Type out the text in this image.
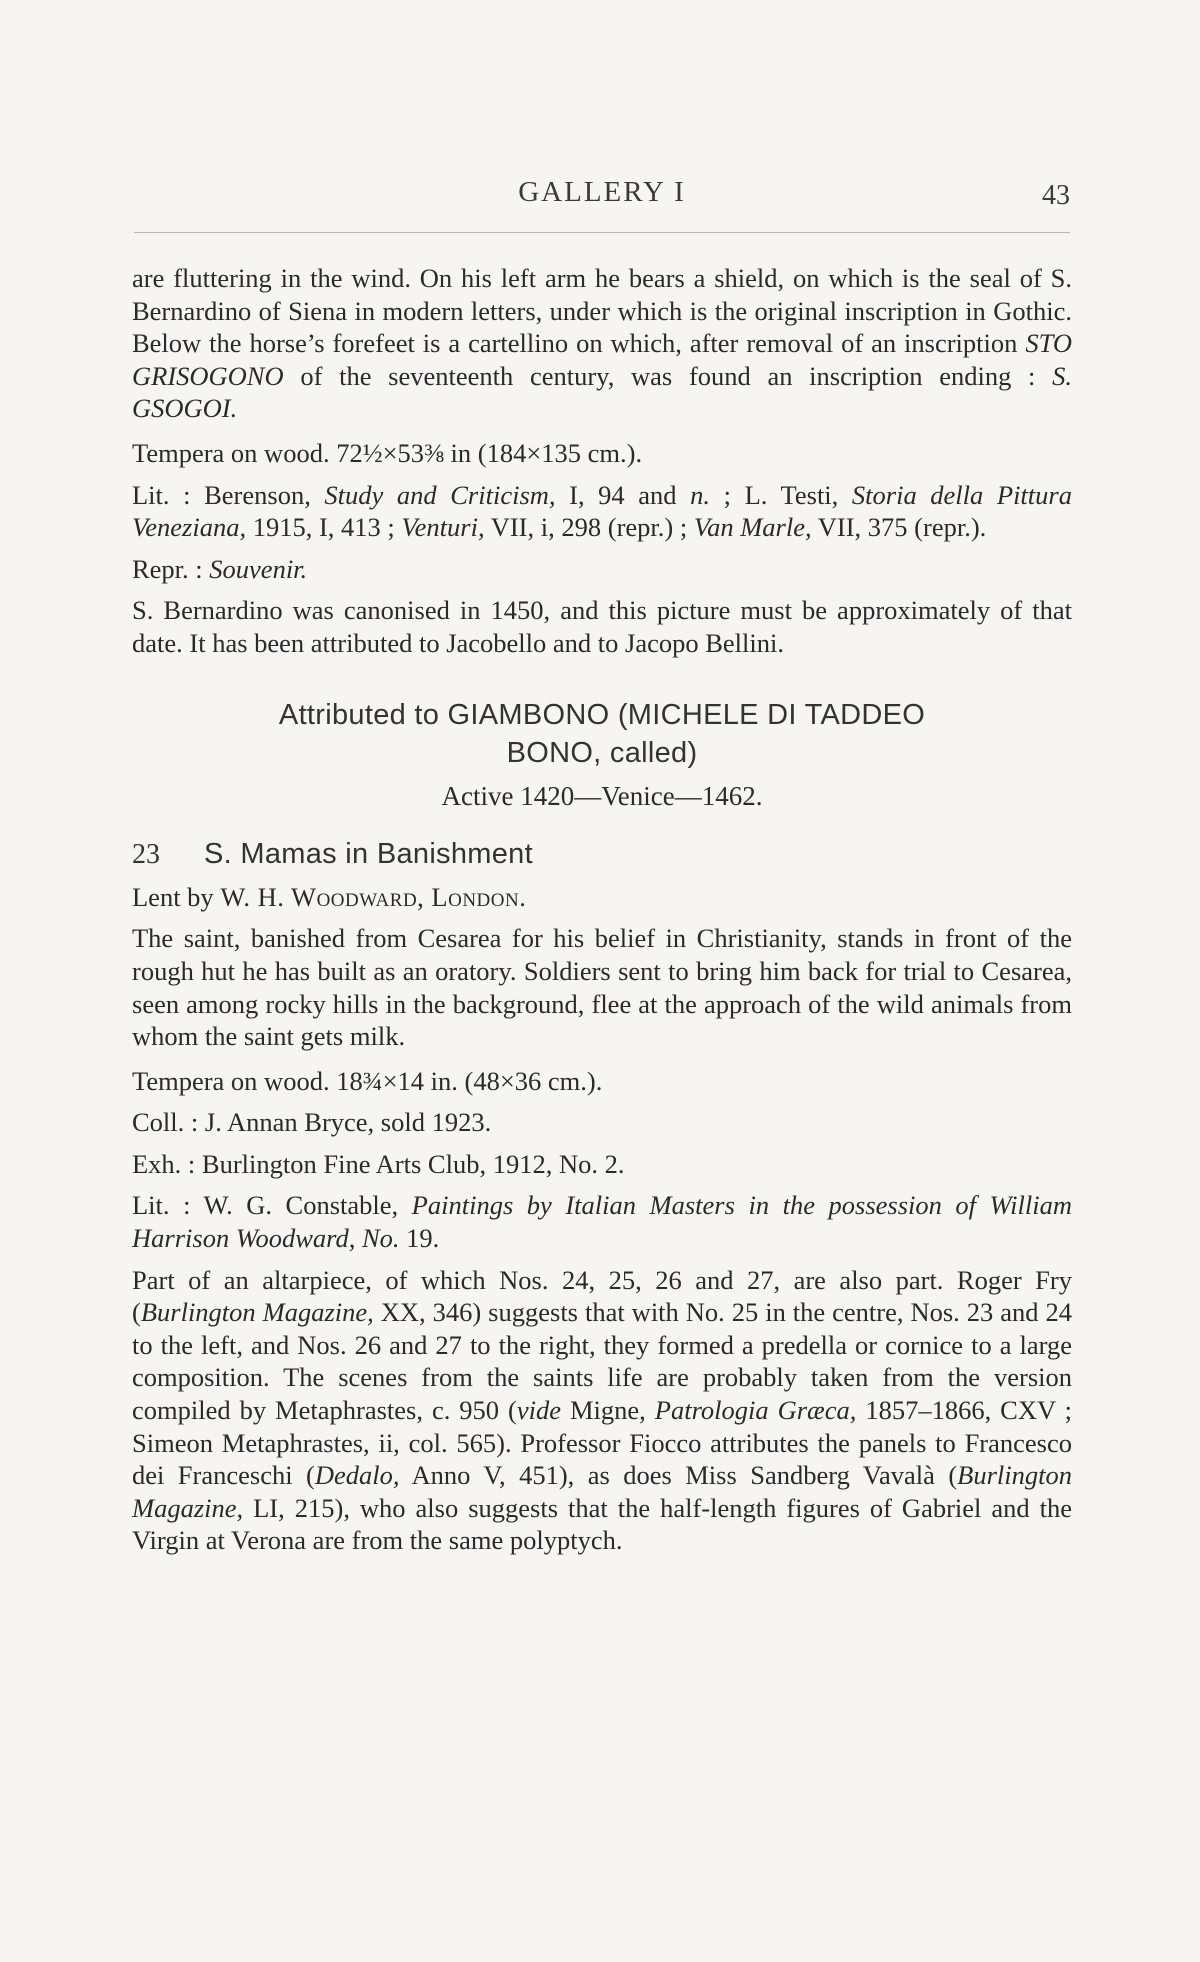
GALLERY I	43

are fluttering in the wind. On his left arm he bears a shield, on which is the seal of S. Bernardino of Siena in modern letters, under which is the original inscription in Gothic. Below the horse’s forefeet is a cartellino on which, after removal of an inscription STO GRISOGONO of the seventeenth century, was found an inscription ending : S. GSOGOI.

Tempera on wood. 72½×53⅜ in (184×135 cm.).

Lit. : Berenson, Study and Criticism, I, 94 and n. ; L. Testi, Storia della Pittura Veneziana, 1915, I, 413 ; Venturi, VII, i, 298 (repr.) ; Van Marle, VII, 375 (repr.).

Repr. : Souvenir.

S. Bernardino was canonised in 1450, and this picture must be approximately of that date. It has been attributed to Jacobello and to Jacopo Bellini.

Attributed to GIAMBONO (MICHELE DI TADDEO
BONO, called)
Active 1420—Venice—1462.
23	S. Mamas in Banishment

Lent by W. H. Woodward, London.

The saint, banished from Cesarea for his belief in Christianity, stands in front of the rough hut he has built as an oratory. Soldiers sent to bring him back for trial to Cesarea, seen among rocky hills in the background, flee at the approach of the wild animals from whom the saint gets milk.

Tempera on wood. 18¾×14 in. (48×36 cm.).

Coll. : J. Annan Bryce, sold 1923.

Exh. : Burlington Fine Arts Club, 1912, No. 2.

Lit. : W. G. Constable, Paintings by Italian Masters in the possession of William Harrison Woodward, No. 19.

Part of an altarpiece, of which Nos. 24, 25, 26 and 27, are also part. Roger Fry (Burlington Magazine, XX, 346) suggests that with No. 25 in the centre, Nos. 23 and 24 to the left, and Nos. 26 and 27 to the right, they formed a predella or cornice to a large composition. The scenes from the saints life are probably taken from the version compiled by Metaphrastes, c. 950 (vide Migne, Patrologia Græca, 1857–1866, CXV ; Simeon Metaphrastes, ii, col. 565). Professor Fiocco attributes the panels to Francesco dei Franceschi (Dedalo, Anno V, 451), as does Miss Sandberg Vavalà (Burlington Magazine, LI, 215), who also suggests that the half-length figures of Gabriel and the Virgin at Verona are from the same polyptych.
